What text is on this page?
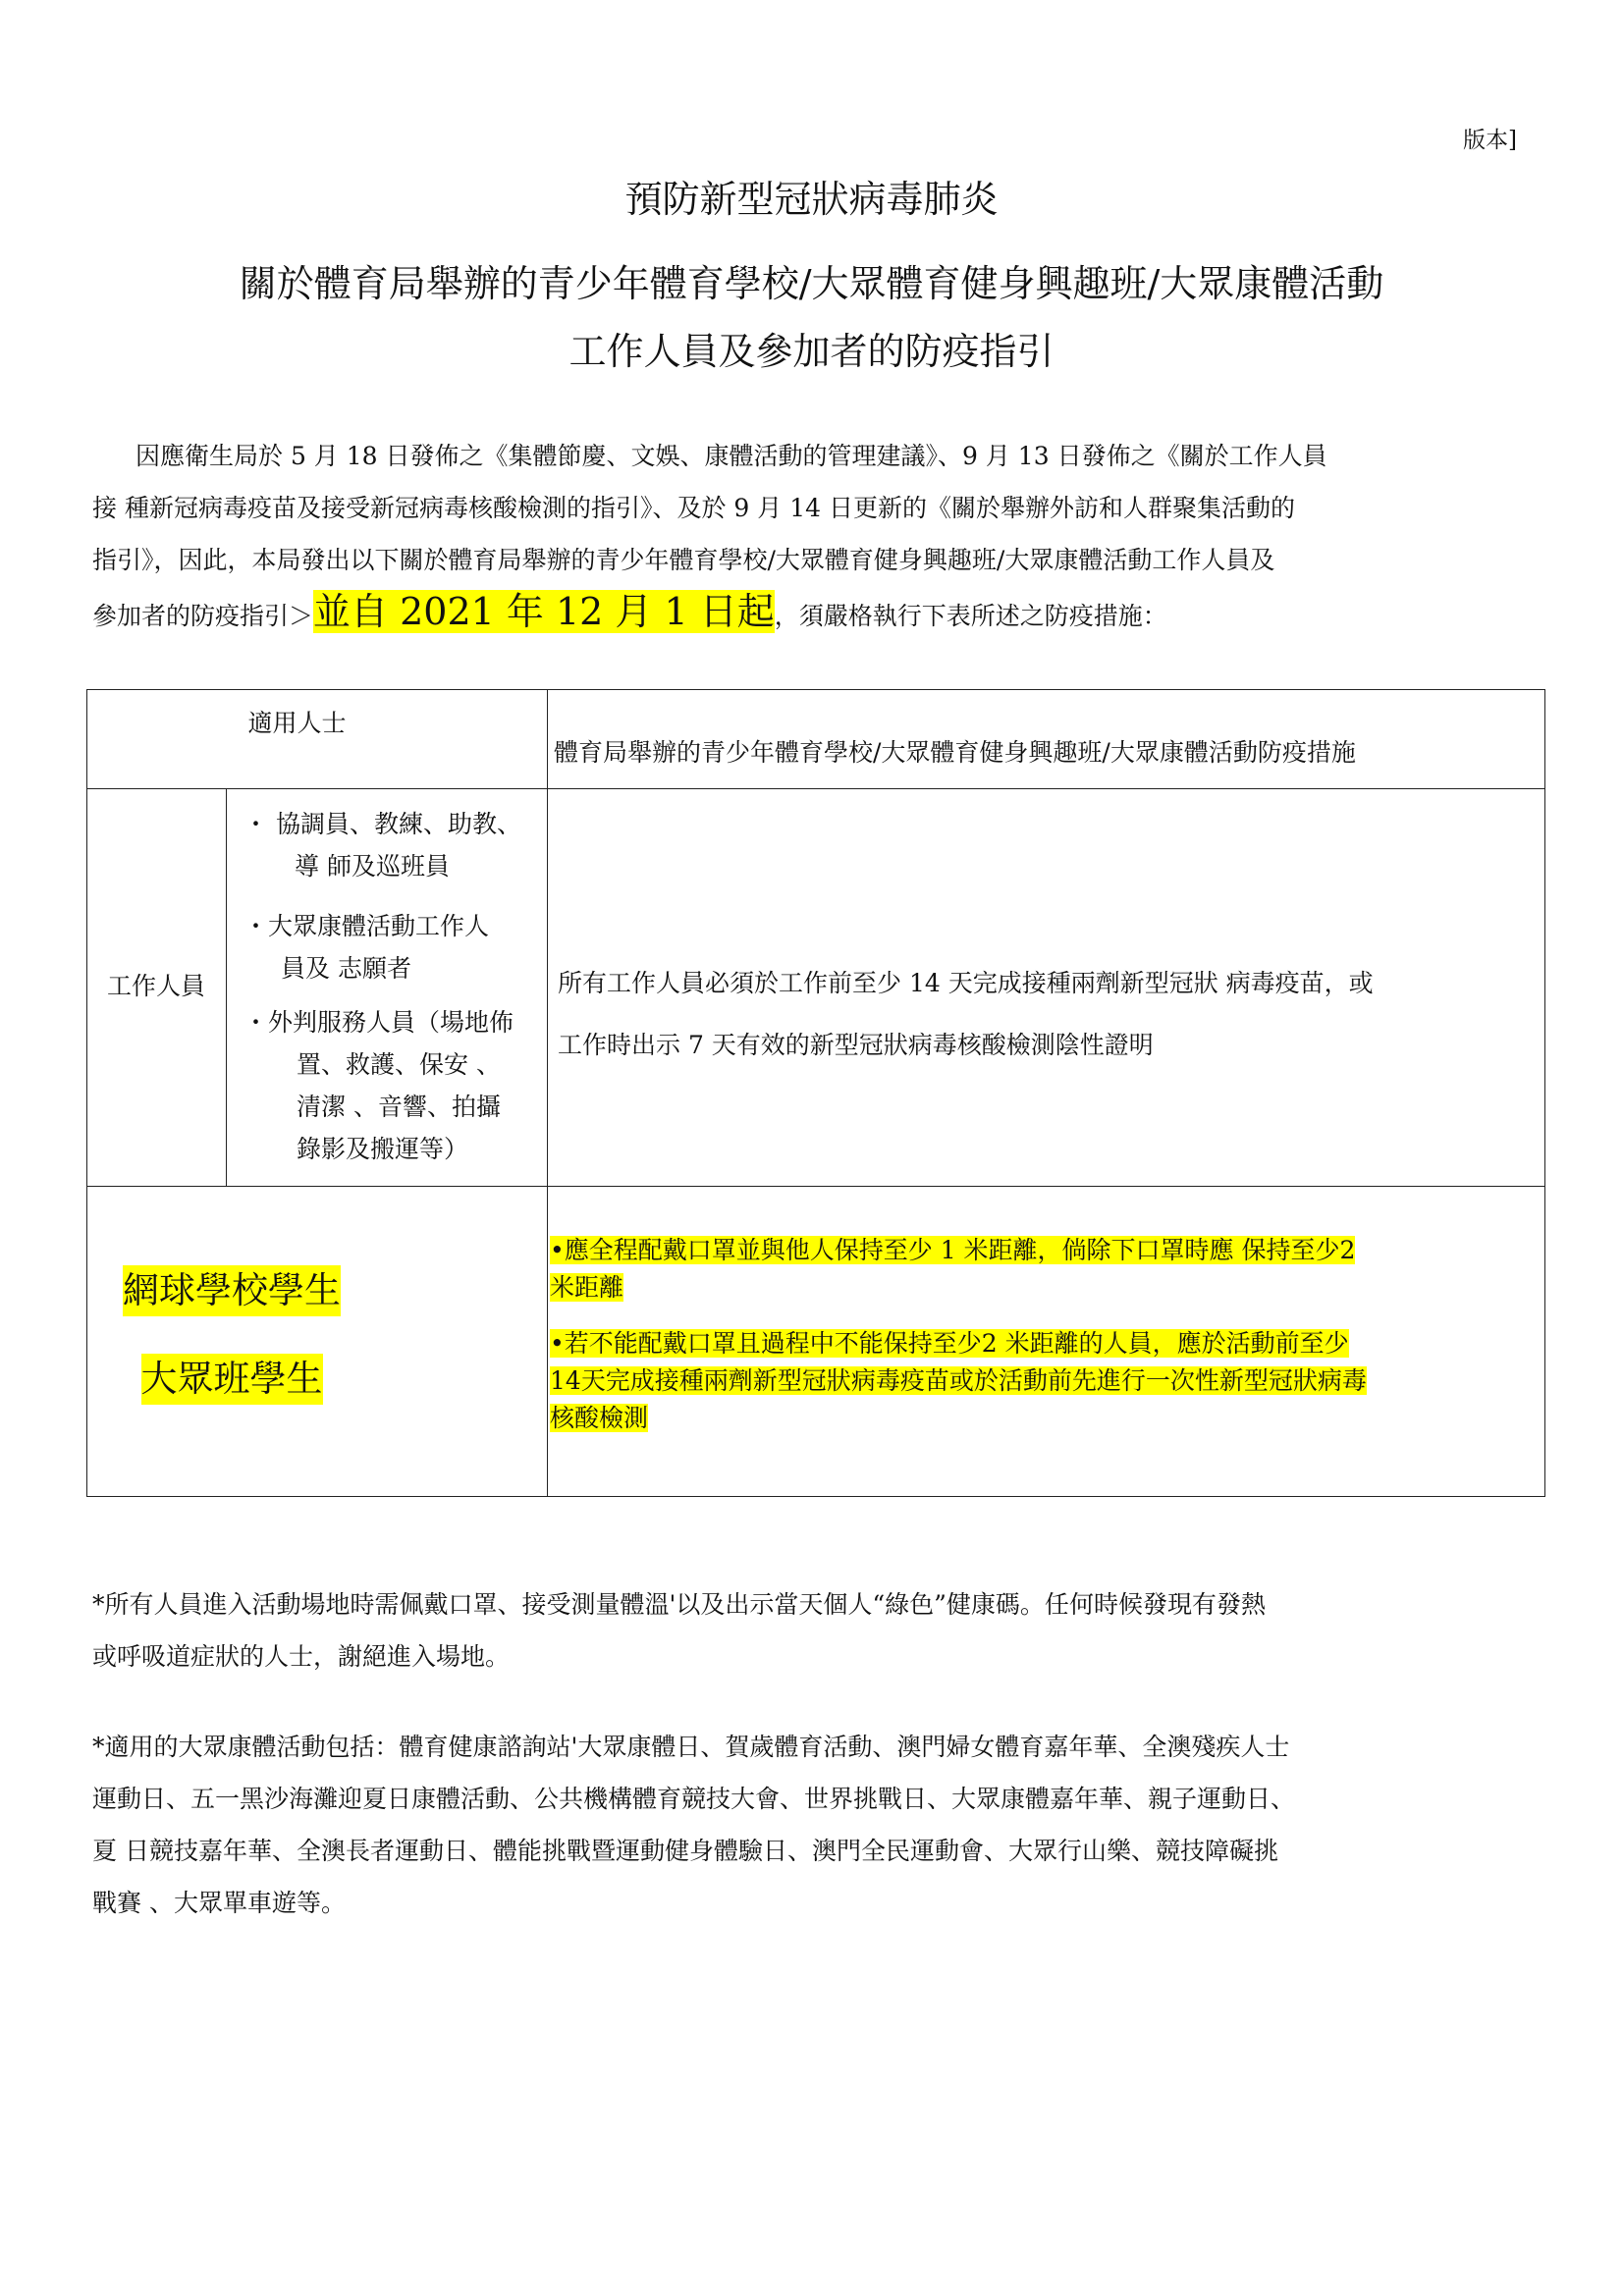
版本]
預防新型冠狀病毒肺炎
關於體育局舉辦的青少年體育學校/大眾體育健身興趣班/大眾康體活動
工作人員及參加者的防疫指引
因應衛生局於 5 月 18 日發佈之《集體節慶、文娛、康體活動的管理建議》、9 月 13 日發佈之《關於工作人員
接 種新冠病毒疫苗及接受新冠病毒核酸檢測的指引》、及於 9 月 14 日更新的《關於舉辦外訪和人群聚集活動的
指引》，因此，本局發出以下關於體育局舉辦的青少年體育學校/大眾體育健身興趣班/大眾康體活動工作人員及
參加者的防疫指引＞並自 2021 年 12 月 1 日起，須嚴格執行下表所述之防疫措施：
適用人士
體育局舉辦的青少年體育學校/大眾體育健身興趣班/大眾康體活動防疫措施
工作人員
・ 協調員、教練、助教、
導 師及巡班員
・大眾康體活動工作人
員及 志願者
・外判服務人員（場地佈
置、救護、保安 、
清潔 、音響、拍攝
錄影及搬運等）
所有工作人員必須於工作前至少 14 天完成接種兩劑新型冠狀 病毒疫苗，或
工作時出示 7 天有效的新型冠狀病毒核酸檢測陰性證明
網球學校學生
大眾班學生
•應全程配戴口罩並與他人保持至少 1 米距離，倘除下口罩時應 保持至少2
米距離
•若不能配戴口罩且過程中不能保持至少2 米距離的人員，應於活動前至少
14天完成接種兩劑新型冠狀病毒疫苗或於活動前先進行一次性新型冠狀病毒
核酸檢測
*所有人員進入活動場地時需佩戴口罩、接受測量體溫'以及出示當天個人“綠色”健康碼。任何時候發現有發熱
或呼吸道症狀的人士，謝絕進入場地。
*適用的大眾康體活動包括：體育健康諮詢站'大眾康體日、賀歲體育活動、澳門婦女體育嘉年華、全澳殘疾人士
運動日、五一黑沙海灘迎夏日康體活動、公共機構體育競技大會、世界挑戰日、大眾康體嘉年華、親子運動日、
夏 日競技嘉年華、全澳長者運動日、體能挑戰暨運動健身體驗日、澳門全民運動會、大眾行山樂、競技障礙挑
戰賽 、大眾單車遊等。
